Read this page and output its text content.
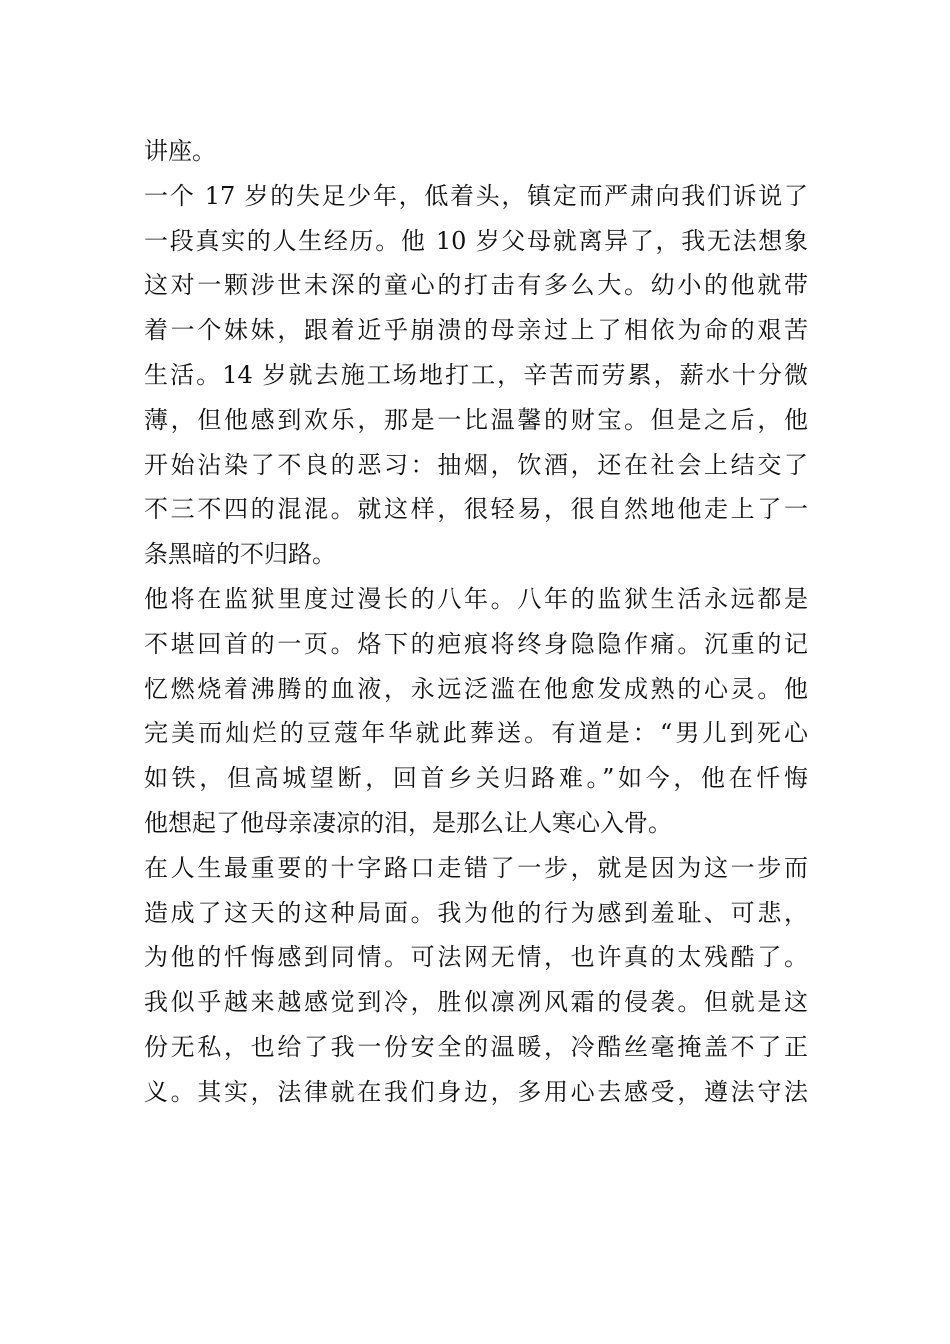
讲座。
一个 17 岁的失足少年，低着头，镇定而严肃向我们诉说了
一段真实的人生经历。他 10 岁父母就离异了，我无法想象
这对一颗涉世未深的童心的打击有多么大。幼小的他就带
着一个妹妹，跟着近乎崩溃的母亲过上了相依为命的艰苦
生活。14 岁就去施工场地打工，辛苦而劳累，薪水十分微
薄，但他感到欢乐，那是一比温馨的财宝。但是之后，他
开始沾染了不良的恶习：抽烟，饮酒，还在社会上结交了
不三不四的混混。就这样，很轻易，很自然地他走上了一
条黑暗的不归路。
他将在监狱里度过漫长的八年。八年的监狱生活永远都是
不堪回首的一页。烙下的疤痕将终身隐隐作痛。沉重的记
忆燃烧着沸腾的血液，永远泛滥在他愈发成熟的心灵。他
完美而灿烂的豆蔻年华就此葬送。有道是：“男儿到死心
如铁，但高城望断，回首乡关归路难。”如今，他在忏悔
他想起了他母亲凄凉的泪，是那么让人寒心入骨。
在人生最重要的十字路口走错了一步，就是因为这一步而
造成了这天的这种局面。我为他的行为感到羞耻、可悲，
为他的忏悔感到同情。可法网无情，也许真的太残酷了。
我似乎越来越感觉到冷，胜似凛冽风霜的侵袭。但就是这
份无私，也给了我一份安全的温暖，冷酷丝毫掩盖不了正
义。其实，法律就在我们身边，多用心去感受，遵法守法
